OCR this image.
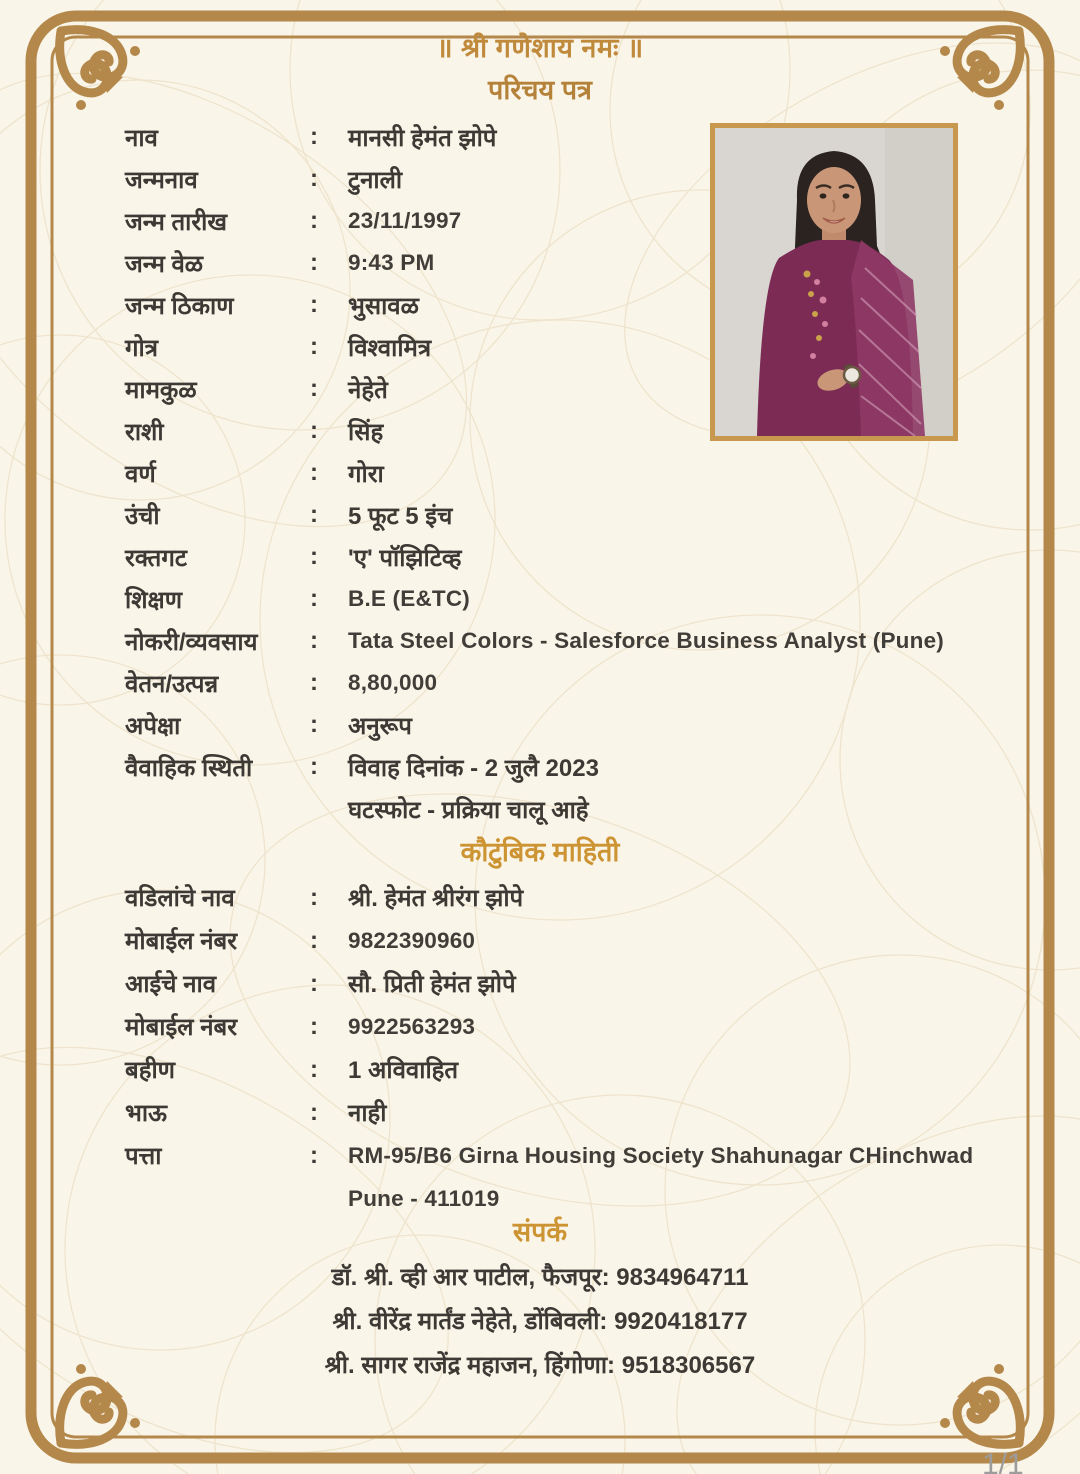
॥ श्री गणेशाय नमः ॥
परिचय पत्र
नाव	:	मानसी हेमंत झोपे
जन्मनाव	:	टुनाली
जन्म तारीख	:	23/11/1997
जन्म वेळ	:	9:43 PM
जन्म ठिकाण	:	भुसावळ
गोत्र	:	विश्वामित्र
मामकुळ	:	नेहेते
राशी	:	सिंह
वर्ण	:	गोरा
उंची	:	5 फूट 5 इंच
रक्तगट	:	'ए' पॉझिटिव्ह
शिक्षण	:	B.E (E&TC)
नोकरी/व्यवसाय	:	Tata Steel Colors - Salesforce Business Analyst (Pune)
वेतन/उत्पन्न	:	8,80,000
अपेक्षा	:	अनुरूप
वैवाहिक स्थिती	:	विवाह दिनांक - 2 जुलै 2023
घटस्फोट - प्रक्रिया चालू आहे
कौटुंबिक माहिती
वडिलांचे नाव	:	श्री. हेमंत श्रीरंग झोपे
मोबाईल नंबर	:	9822390960
आईचे नाव	:	सौ. प्रिती हेमंत झोपे
मोबाईल नंबर	:	9922563293
बहीण	:	1 अविवाहित
भाऊ	:	नाही
पत्ता	:	RM-95/B6 Girna Housing Society Shahunagar CHinchwad
Pune - 411019
संपर्क
डॉ. श्री. व्ही आर पाटील, फैजपूर: 9834964711
श्री. वीरेंद्र मार्तंड नेहेते, डोंबिवली: 9920418177
श्री. सागर राजेंद्र महाजन, हिंगोणा: 9518306567
1/1
